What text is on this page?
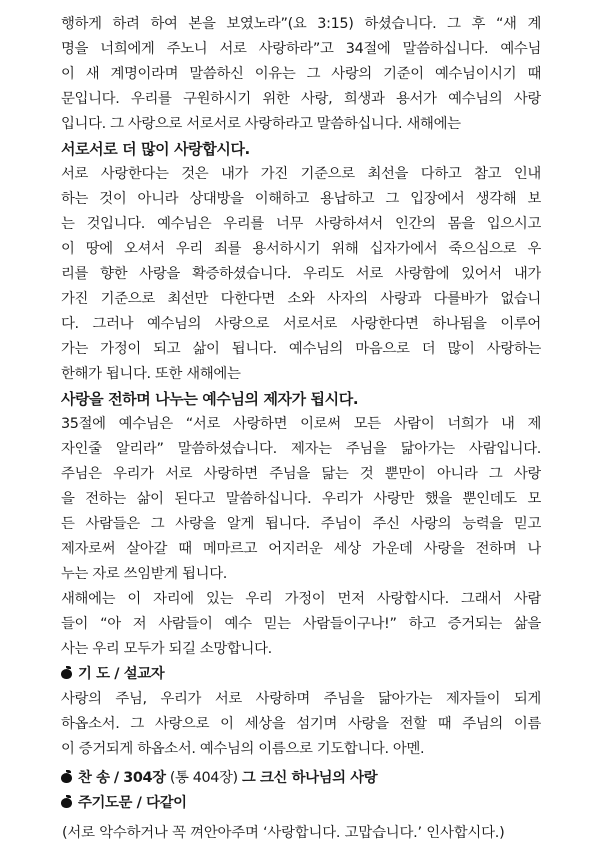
행하게 하려 하여 본을 보였노라”(요 3:15) 하셨습니다. 그 후 “새 계
명을 너희에게 주노니 서로 사랑하라”고 34절에 말씀하십니다. 예수님
이 새 계명이라며 말씀하신 이유는 그 사랑의 기준이 예수님이시기 때
문입니다. 우리를 구원하시기 위한 사랑, 희생과 용서가 예수님의 사랑
입니다. 그 사랑으로 서로서로 사랑하라고 말씀하십니다. 새해에는
서로서로 더 많이 사랑합시다.
서로 사랑한다는 것은 내가 가진 기준으로 최선을 다하고 참고 인내
하는 것이 아니라 상대방을 이해하고 용납하고 그 입장에서 생각해 보
는 것입니다. 예수님은 우리를 너무 사랑하셔서 인간의 몸을 입으시고
이 땅에 오셔서 우리 죄를 용서하시기 위해 십자가에서 죽으심으로 우
리를 향한 사랑을 확증하셨습니다. 우리도 서로 사랑함에 있어서 내가
가진 기준으로 최선만 다한다면 소와 사자의 사랑과 다를바가 없습니
다. 그러나 예수님의 사랑으로 서로서로 사랑한다면 하나됨을 이루어
가는 가정이 되고 삶이 됩니다. 예수님의 마음으로 더 많이 사랑하는
한해가 됩니다. 또한 새해에는
사랑을 전하며 나누는 예수님의 제자가 됩시다.
35절에 예수님은 “서로 사랑하면 이로써 모든 사람이 너희가 내 제
자인줄 알리라” 말씀하셨습니다. 제자는 주님을 닮아가는 사람입니다.
주님은 우리가 서로 사랑하면 주님을 닮는 것 뿐만이 아니라 그 사랑
을 전하는 삶이 된다고 말씀하십니다. 우리가 사랑만 했을 뿐인데도 모
든 사람들은 그 사랑을 알게 됩니다. 주님이 주신 사랑의 능력을 믿고
제자로써 살아갈 때 메마르고 어지러운 세상 가운데 사랑을 전하며 나
누는 자로 쓰임받게 됩니다.
새해에는 이 자리에 있는 우리 가정이 먼저 사랑합시다. 그래서 사람
들이 “아 저 사람들이 예수 믿는 사람들이구나!” 하고 증거되는 삶을
사는 우리 모두가 되길 소망합니다.
기 도 / 설교자
사랑의 주님, 우리가 서로 사랑하며 주님을 닮아가는 제자들이 되게
하옵소서. 그 사랑으로 이 세상을 섬기며 사랑을 전할 때 주님의 이름
이 증거되게 하옵소서. 예수님의 이름으로 기도합니다. 아멘.
찬 송 / 304장 (통 404장) 그 크신 하나님의 사랑
주기도문 / 다같이
(서로 악수하거나 꼭 껴안아주며 ‘사랑합니다. 고맙습니다.’ 인사합시다.)
